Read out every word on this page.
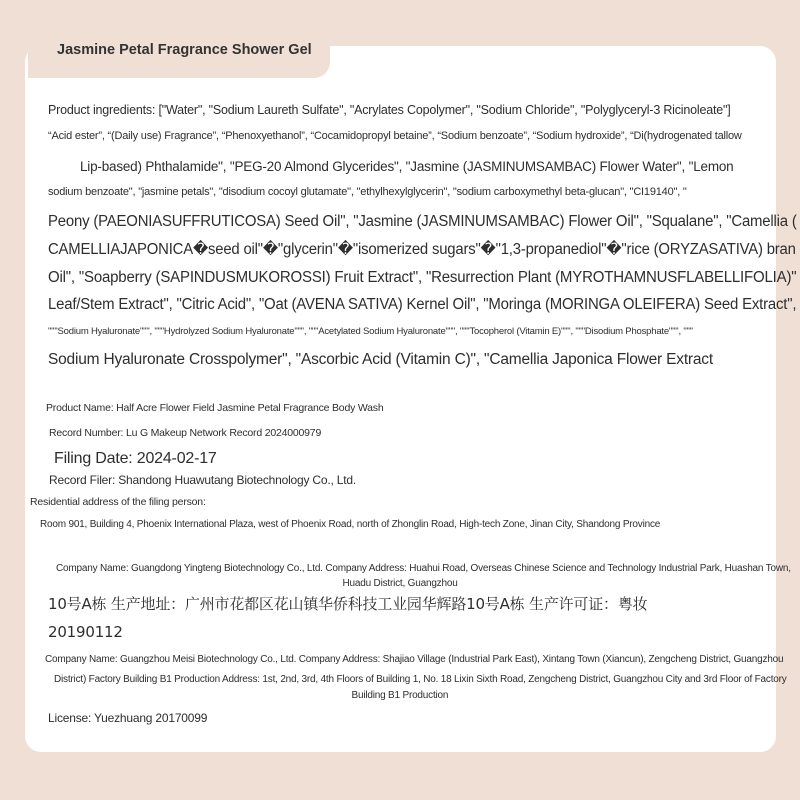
Jasmine Petal Fragrance Shower Gel
Product ingredients: ["Water", "Sodium Laureth Sulfate", "Acrylates Copolymer", "Sodium Chloride", "Polyglyceryl-3 Ricinoleate"]
“Acid ester”, “(Daily use) Fragrance”, “Phenoxyethanol”, “Cocamidopropyl betaine”, “Sodium benzoate”, “Sodium hydroxide”, “Di(hydrogenated tallow
Lip-based) Phthalamide", "PEG-20 Almond Glycerides", "Jasmine (JASMINUMSAMBAC) Flower Water", "Lemon
sodium benzoate", "jasmine petals", "disodium cocoyl glutamate", "ethylhexylglycerin", "sodium carboxymethyl beta-glucan", "CI19140", "
Peony (PAEONIASUFFRUTICOSA) Seed Oil", "Jasmine (JASMINUMSAMBAC) Flower Oil", "Squalane", "Camellia (
CAMELLIAJAPONICA�seed oil"�"glycerin"�"isomerized sugars"�"1,3-propanediol"�"rice (ORYZASATIVA) bran
Oil", "Soapberry (SAPINDUSMUKOROSSI) Fruit Extract", "Resurrection Plant (MYROTHAMNUSFLABELLIFOLIA)"
Leaf/Stem Extract", "Citric Acid", "Oat (AVENA SATIVA) Kernel Oil", "Moringa (MORINGA OLEIFERA) Seed Extract",
"""Sodium Hyaluronate""", """Hydrolyzed Sodium Hyaluronate""", """Acetylated Sodium Hyaluronate""", """Tocopherol (Vitamin E)""", """Disodium Phosphate""", """
Sodium Hyaluronate Crosspolymer", "Ascorbic Acid (Vitamin C)", "Camellia Japonica Flower Extract
Product Name: Half Acre Flower Field Jasmine Petal Fragrance Body Wash
Record Number: Lu G Makeup Network Record 2024000979
Filing Date: 2024-02-17
Record Filer: Shandong Huawutang Biotechnology Co., Ltd.
Residential address of the filing person:
Room 901, Building 4, Phoenix International Plaza, west of Phoenix Road, north of Zhonglin Road, High-tech Zone, Jinan City, Shandong Province
Company Name: Guangdong Yingteng Biotechnology Co., Ltd. Company Address: Huahui Road, Overseas Chinese Science and Technology Industrial Park, Huashan Town,
Huadu District, Guangzhou
10号A栋 生产地址：广州市花都区花山镇华侨科技工业园华辉路10号A栋 生产许可证：粤妆
20190112
Company Name: Guangzhou Meisi Biotechnology Co., Ltd. Company Address: Shajiao Village (Industrial Park East), Xintang Town (Xiancun), Zengcheng District, Guangzhou
District) Factory Building B1 Production Address: 1st, 2nd, 3rd, 4th Floors of Building 1, No. 18 Lixin Sixth Road, Zengcheng District, Guangzhou City and 3rd Floor of Factory
Building B1 Production
License: Yuezhuang 20170099
